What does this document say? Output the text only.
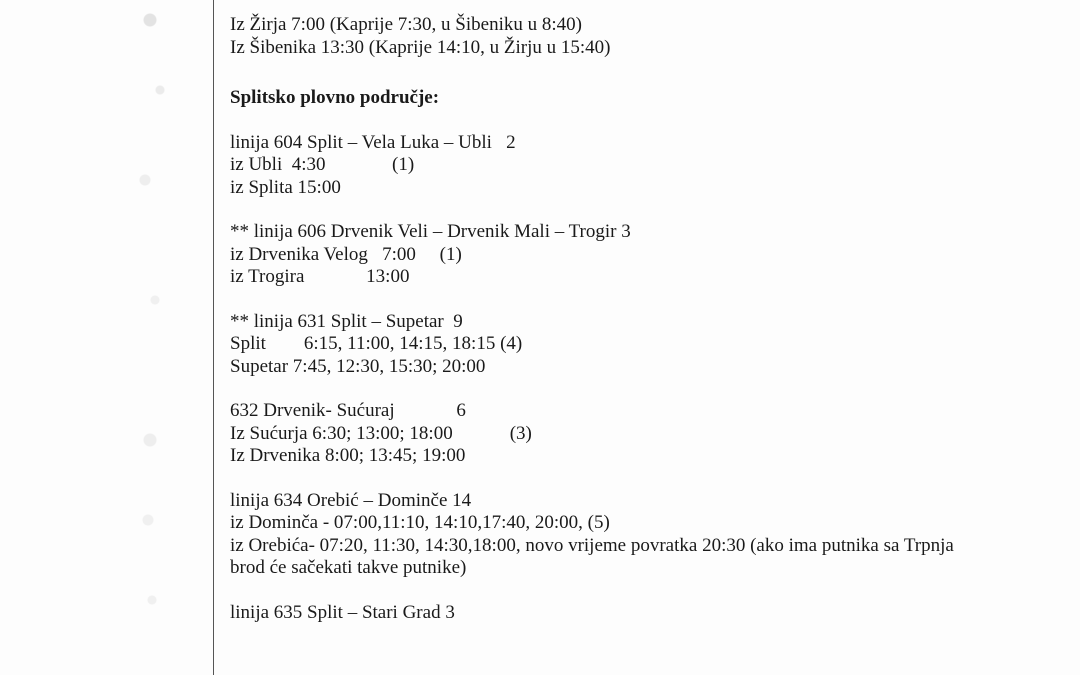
Iz Žirja 7:00 (Kaprije 7:30, u Šibeniku u 8:40)
Iz Šibenika 13:30 (Kaprije 14:10, u Žirju u 15:40)
Splitsko plovno područje:
linija 604 Split – Vela Luka – Ubli   2
iz Ubli  4:30              (1)
iz Splita 15:00
** linija 606 Drvenik Veli – Drvenik Mali – Trogir 3
iz Drvenika Velog   7:00     (1)
iz Trogira             13:00
** linija 631 Split – Supetar  9
Split        6:15, 11:00, 14:15, 18:15 (4)
Supetar 7:45, 12:30, 15:30; 20:00
632 Drvenik- Sućuraj             6
Iz Sućurja 6:30; 13:00; 18:00            (3)
Iz Drvenika 8:00; 13:45; 19:00
linija 634 Orebić – Dominče 14
iz Dominča - 07:00,11:10, 14:10,17:40, 20:00, (5)
iz Orebića- 07:20, 11:30, 14:30,18:00, novo vrijeme povratka 20:30 (ako ima putnika sa Trpnja brod će sačekati takve putnike)
linija 635 Split – Stari Grad 3
